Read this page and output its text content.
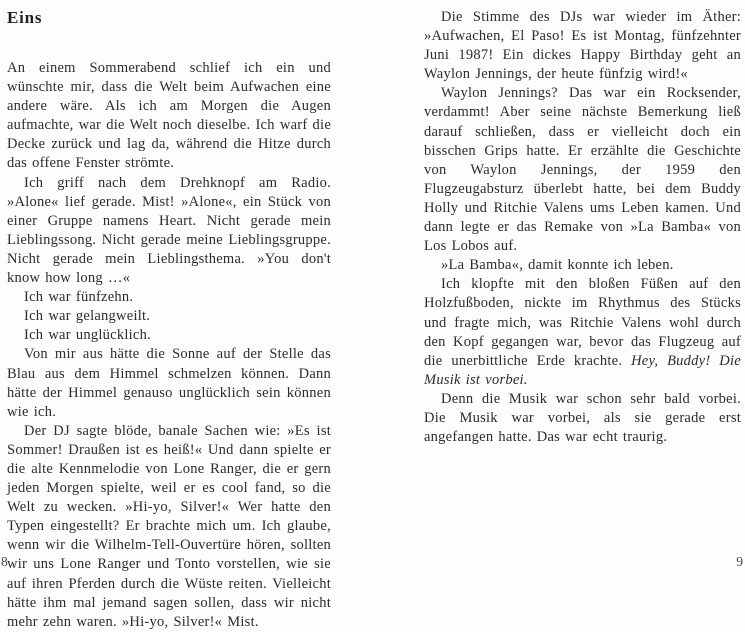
Eins

An einem Sommerabend schlief ich ein und wünschte mir, dass die Welt beim Aufwachen eine andere wäre. Als ich am Morgen die Augen aufmachte, war die Welt noch dieselbe. Ich warf die Decke zurück und lag da, während die Hitze durch das offene Fenster strömte.

Ich griff nach dem Drehknopf am Radio. »Alone« lief gerade. Mist! »Alone«, ein Stück von einer Gruppe namens Heart. Nicht gerade mein Lieblingssong. Nicht gerade meine Lieblingsgruppe. Nicht gerade mein Lieblingsthema. »You don't know how long …«

Ich war fünfzehn.

Ich war gelangweilt.

Ich war unglücklich.

Von mir aus hätte die Sonne auf der Stelle das Blau aus dem Himmel schmelzen können. Dann hätte der Himmel genauso unglücklich sein können wie ich.

Der DJ sagte blöde, banale Sachen wie: »Es ist Sommer! Draußen ist es heiß!« Und dann spielte er die alte Kennmelodie von Lone Ranger, die er gern jeden Morgen spielte, weil er es cool fand, so die Welt zu wecken. »Hi-yo, Silver!« Wer hatte den Typen eingestellt? Er brachte mich um. Ich glaube, wenn wir die Wilhelm-Tell-Ouvertüre hören, sollten wir uns Lone Ranger und Tonto vorstellen, wie sie auf ihren Pferden durch die Wüste reiten. Vielleicht hätte ihm mal jemand sagen sollen, dass wir nicht mehr zehn waren. »Hi-yo, Silver!« Mist.

Die Stimme des DJs war wieder im Äther: »Aufwachen, El Paso! Es ist Montag, fünfzehnter Juni 1987! Ein dickes Happy Birthday geht an Waylon Jennings, der heute fünfzig wird!«

Waylon Jennings? Das war ein Rocksender, verdammt! Aber seine nächste Bemerkung ließ darauf schließen, dass er vielleicht doch ein bisschen Grips hatte. Er erzählte die Geschichte von Waylon Jennings, der 1959 den Flugzeugabsturz überlebt hatte, bei dem Buddy Holly und Ritchie Valens ums Leben kamen. Und dann legte er das Remake von »La Bamba« von Los Lobos auf.

»La Bamba«, damit konnte ich leben.

Ich klopfte mit den bloßen Füßen auf den Holzfußboden, nickte im Rhythmus des Stücks und fragte mich, was Ritchie Valens wohl durch den Kopf gegangen war, bevor das Flugzeug auf die unerbittliche Erde krachte. Hey, Buddy! Die Musik ist vorbei.

Denn die Musik war schon sehr bald vorbei. Die Musik war vorbei, als sie gerade erst angefangen hatte. Das war echt traurig.

8	9
